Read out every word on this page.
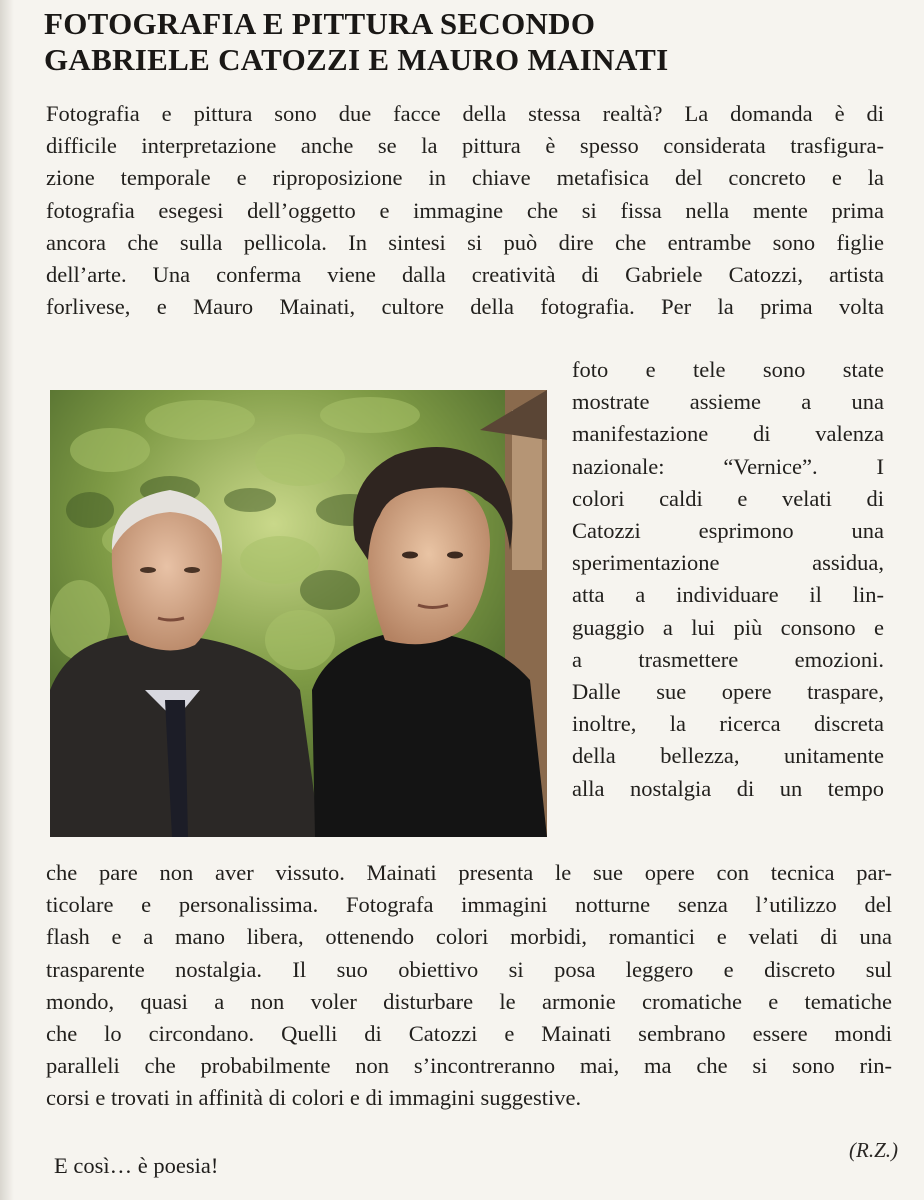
FOTOGRAFIA E PITTURA SECONDO
GABRIELE CATOZZI E MAURO MAINATI
Fotografia e pittura sono due facce della stessa realtà? La domanda è di
difficile interpretazione anche se la pittura è spesso considerata trasfigura-
zione temporale e riproposizione in chiave metafisica del concreto e la
fotografia esegesi dell’oggetto e immagine che si fissa nella mente prima
ancora che sulla pellicola. In sintesi si può dire che entrambe sono figlie
dell’arte. Una conferma viene dalla creatività di Gabriele Catozzi, artista
forlivese, e Mauro Mainati, cultore della fotografia. Per la prima volta
foto e tele sono state
mostrate assieme a una
manifestazione di valenza
nazionale: “Vernice”. I
colori caldi e velati di
Catozzi esprimono una
sperimentazione assidua,
atta a individuare il lin-
guaggio a lui più consono e
a trasmettere emozioni.
Dalle sue opere traspare,
inoltre, la ricerca discreta
della bellezza, unitamente
alla nostalgia di un tempo
che pare non aver vissuto. Mainati presenta le sue opere con tecnica par-
ticolare e personalissima. Fotografa immagini notturne senza l’utilizzo del
flash e a mano libera, ottenendo colori morbidi, romantici e velati di una
trasparente nostalgia. Il suo obiettivo si posa leggero e discreto sul
mondo, quasi a non voler disturbare le armonie cromatiche e tematiche
che lo circondano. Quelli di Catozzi e Mainati sembrano essere mondi
paralleli che probabilmente non s’incontreranno mai, ma che si sono rin-
corsi e trovati in affinità di colori e di immagini suggestive.
E così… è poesia!
(R.Z.)
